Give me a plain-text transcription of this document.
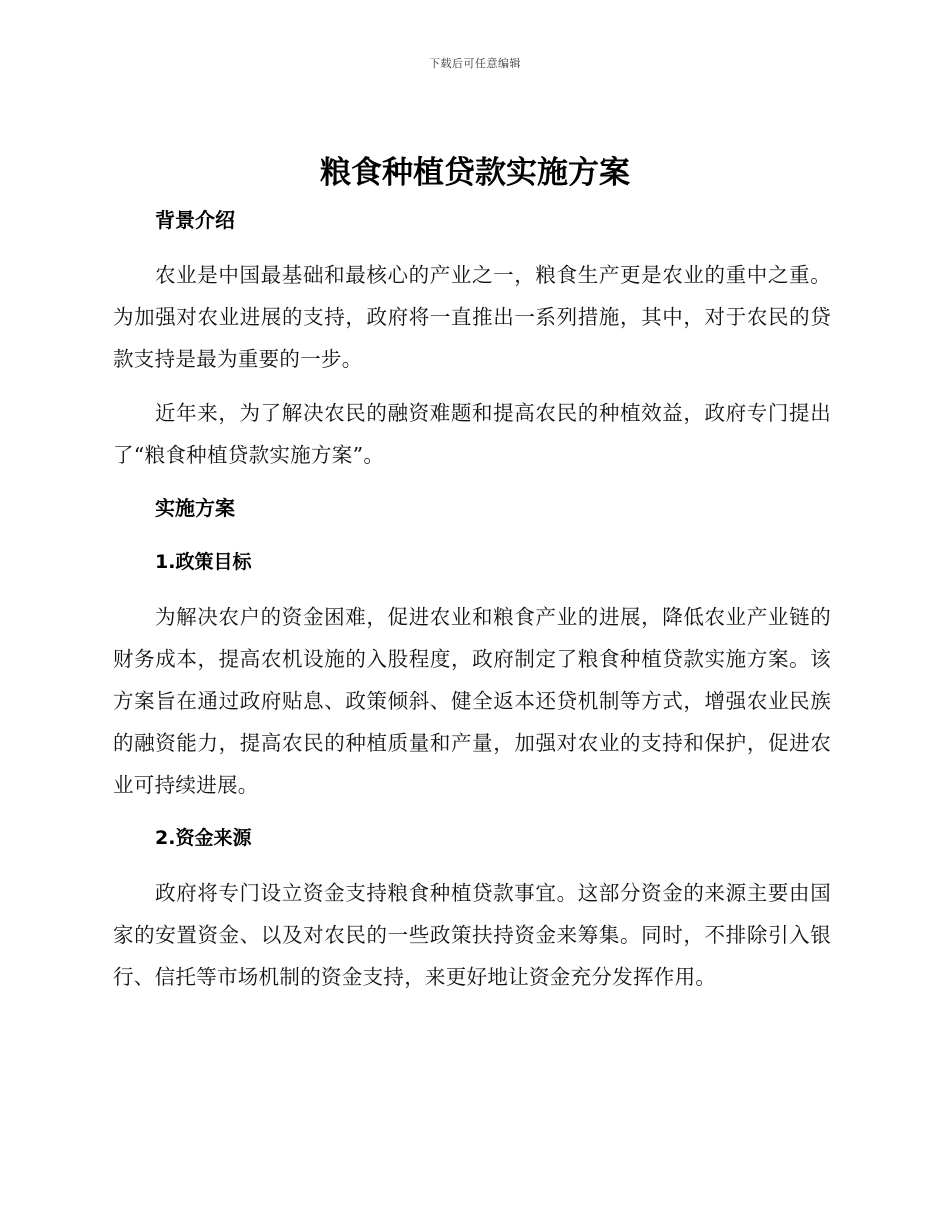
下载后可任意编辑
粮食种植贷款实施方案
背景介绍

农业是中国最基础和最核心的产业之一，粮食生产更是农业的重中之重。为加强对农业进展的支持，政府将一直推出一系列措施，其中，对于农民的贷款支持是最为重要的一步。

近年来，为了解决农民的融资难题和提高农民的种植效益，政府专门提出了“粮食种植贷款实施方案”。

实施方案
1.政策目标

为解决农户的资金困难，促进农业和粮食产业的进展，降低农业产业链的财务成本，提高农机设施的入股程度，政府制定了粮食种植贷款实施方案。该方案旨在通过政府贴息、政策倾斜、健全返本还贷机制等方式，增强农业民族的融资能力，提高农民的种植质量和产量，加强对农业的支持和保护，促进农业可持续进展。

2.资金来源

政府将专门设立资金支持粮食种植贷款事宜。这部分资金的来源主要由国家的安置资金、以及对农民的一些政策扶持资金来筹集。同时，不排除引入银行、信托等市场机制的资金支持，来更好地让资金充分发挥作用。
